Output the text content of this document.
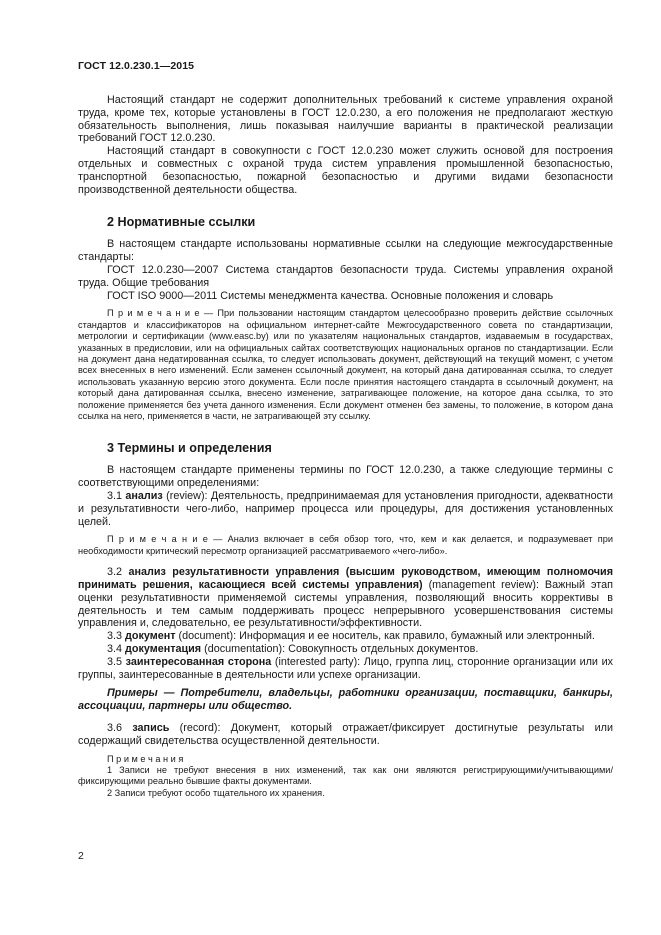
ГОСТ 12.0.230.1—2015

Настоящий стандарт не содержит дополнительных требований к системе управления охраной труда, кроме тех, которые установлены в ГОСТ 12.0.230, а его положения не предполагают жесткую обязательность выполнения, лишь показывая наилучшие варианты в практической реализации требований ГОСТ 12.0.230.

Настоящий стандарт в совокупности с ГОСТ 12.0.230 может служить основой для построения отдельных и совместных с охраной труда систем управления промышленной безопасностью, транспортной безопасностью, пожарной безопасностью и другими видами безопасности производственной деятельности общества.

2 Нормативные ссылки

В настоящем стандарте использованы нормативные ссылки на следующие межгосударственные стандарты:

ГОСТ 12.0.230—2007 Система стандартов безопасности труда. Системы управления охраной труда. Общие требования

ГОСТ ISO 9000—2011 Системы менеджмента качества. Основные положения и словарь

П р и м е ч а н и е — При пользовании настоящим стандартом целесообразно проверить действие ссылочных стандартов и классификаторов на официальном интернет-сайте Межгосударственного совета по стандартизации, метрологии и сертификации (www.easc.by) или по указателям национальных стандартов, издаваемым в государствах, указанных в предисловии, или на официальных сайтах соответствующих национальных органов по стандартизации. Если на документ дана недатированная ссылка, то следует использовать документ, действующий на текущий момент, с учетом всех внесенных в него изменений. Если заменен ссылочный документ, на который дана датированная ссылка, то следует использовать указанную версию этого документа. Если после принятия настоящего стандарта в ссылочный документ, на который дана датированная ссылка, внесено изменение, затрагивающее положение, на которое дана ссылка, то это положение применяется без учета данного изменения. Если документ отменен без замены, то положение, в котором дана ссылка на него, применяется в части, не затрагивающей эту ссылку.

3 Термины и определения

В настоящем стандарте применены термины по ГОСТ 12.0.230, а также следующие термины с соответствующими определениями:

3.1 анализ (review): Деятельность, предпринимаемая для установления пригодности, адекватности и результативности чего-либо, например процесса или процедуры, для достижения установленных целей.

П р и м е ч а н и е — Анализ включает в себя обзор того, что, кем и как делается, и подразумевает при необходимости критический пересмотр организацией рассматриваемого «чего-либо».

3.2 анализ результативности управления (высшим руководством, имеющим полномочия принимать решения, касающиеся всей системы управления) (management review): Важный этап оценки результативности применяемой системы управления, позволяющий вносить коррективы в деятельность и тем самым поддерживать процесс непрерывного усовершенствования системы управления и, следовательно, ее результативности/эффективности.

3.3 документ (document): Информация и ее носитель, как правило, бумажный или электронный.

3.4 документация (documentation): Совокупность отдельных документов.

3.5 заинтересованная сторона (interested party): Лицо, группа лиц, сторонние организации или их группы, заинтересованные в деятельности или успехе организации.

Примеры — Потребители, владельцы, работники организации, поставщики, банкиры, ассоциации, партнеры или общество.

3.6 запись (record): Документ, который отражает/фиксирует достигнутые результаты или содержащий свидетельства осуществленной деятельности.

П р и м е ч а н и я

1 Записи не требуют внесения в них изменений, так как они являются регистрирующими/учитывающими/фиксирующими реально бывшие факты документами.

2 Записи требуют особо тщательного их хранения.

2
